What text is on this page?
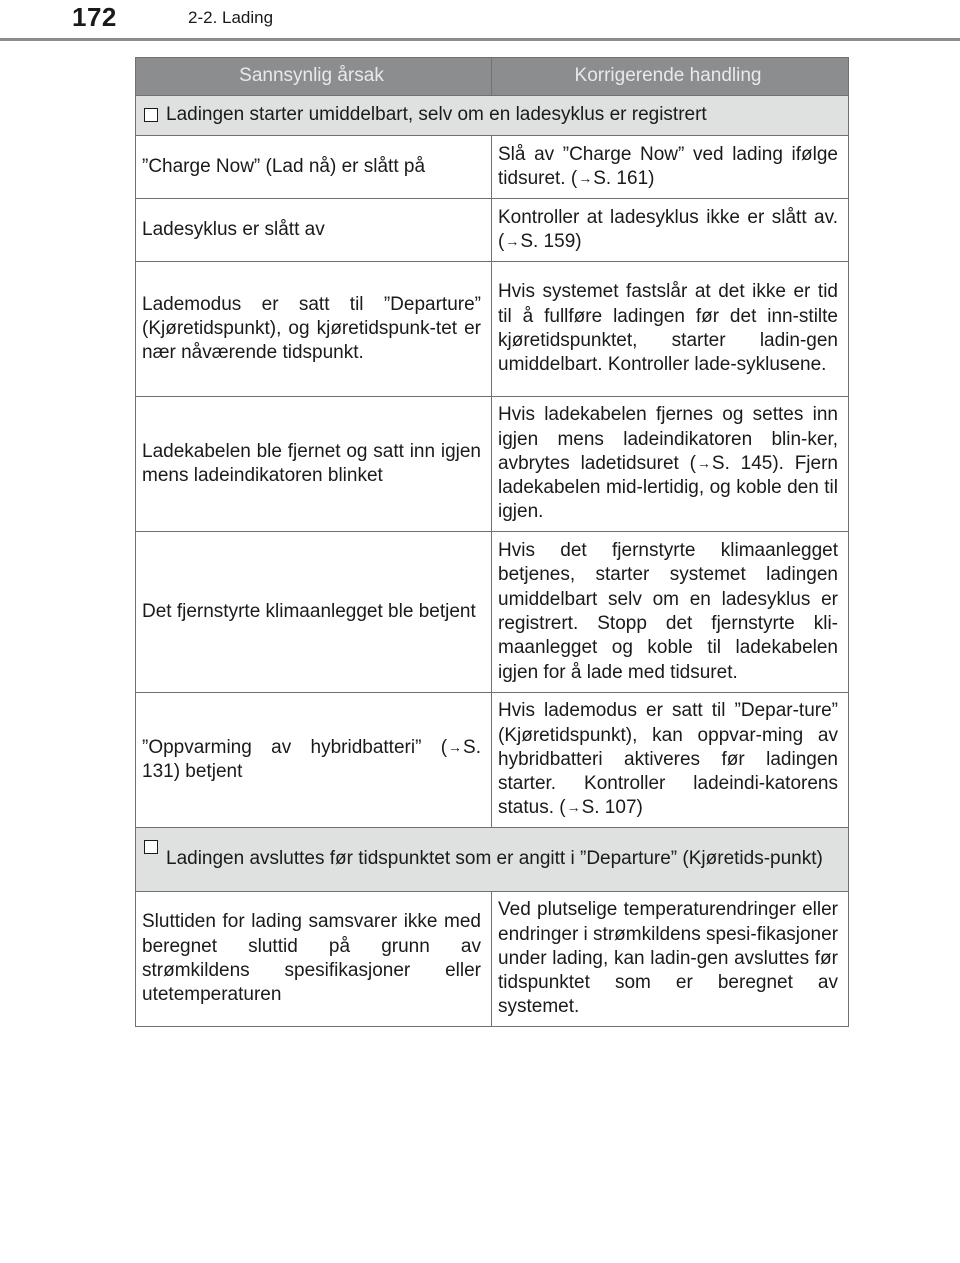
172	2-2. Lading
Sannsynlig årsak	Korrigerende handling

Ladingen starter umiddelbart, selv om en ladesyklus er registrert	
”Charge Now” (Lad nå) er slått på	Slå av ”Charge Now” ved lading ifølge tidsuret. (→S. 161)
Ladesyklus er slått av	Kontroller at ladesyklus ikke er slått av. (→S. 159)
Lademodus er satt til ”Departure” (Kjøretidspunkt), og kjøretidspunk-tet er nær nåværende tidspunkt.	Hvis systemet fastslår at det ikke er tid til å fullføre ladingen før det inn-stilte kjøretidspunktet, starter ladin-gen umiddelbart. Kontroller lade-syklusene.
Ladekabelen ble fjernet og satt inn igjen mens ladeindikatoren blinket	Hvis ladekabelen fjernes og settes inn igjen mens ladeindikatoren blin-ker, avbrytes ladetidsuret (→S. 145). Fjern ladekabelen mid-lertidig, og koble den til igjen.
Det fjernstyrte klimaanlegget ble betjent	Hvis det fjernstyrte klimaanlegget betjenes, starter systemet ladingen umiddelbart selv om en ladesyklus er registrert. Stopp det fjernstyrte kli-maanlegget og koble til ladekabelen igjen for å lade med tidsuret.
”Oppvarming av hybridbatteri” (→S. 131) betjent	Hvis lademodus er satt til ”Depar-ture” (Kjøretidspunkt), kan oppvar-ming av hybridbatteri aktiveres før ladingen starter. Kontroller ladeindi-katorens status. (→S. 107)

Ladingen avsluttes før tidspunktet som er angitt i ”Departure” (Kjøretids-punkt)	
Sluttiden for lading samsvarer ikke med beregnet sluttid på grunn av strømkildens spesifikasjoner eller utetemperaturen	Ved plutselige temperaturendringer eller endringer i strømkildens spesi-fikasjoner under lading, kan ladin-gen avsluttes før tidspunktet som er beregnet av systemet.
